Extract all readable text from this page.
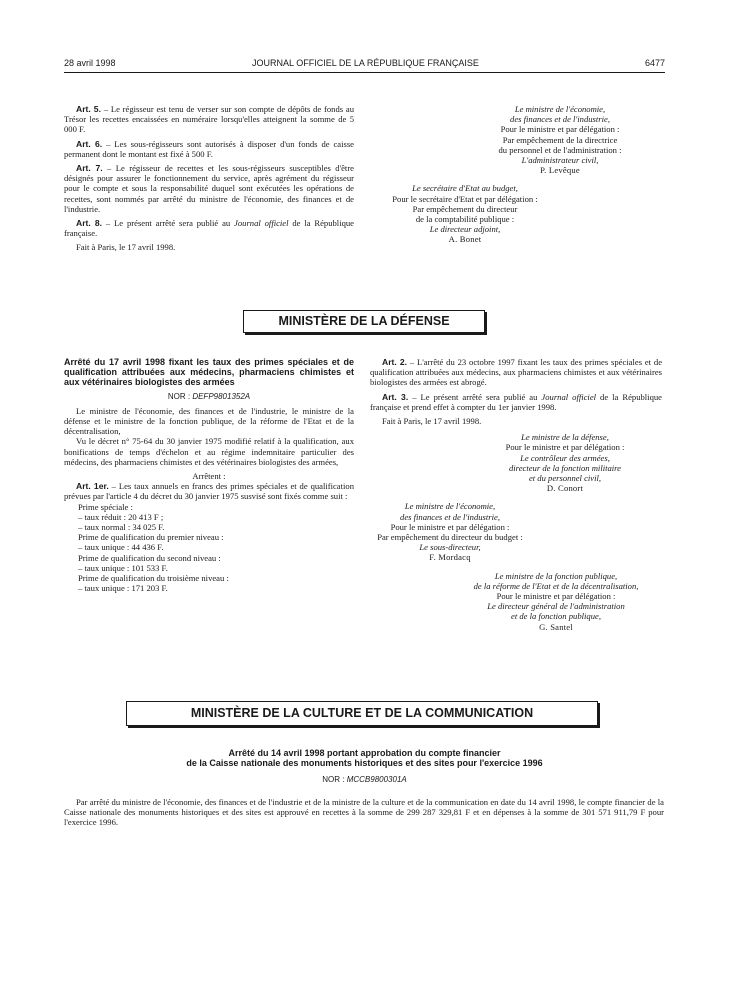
28 avril 1998	JOURNAL OFFICIEL DE LA RÉPUBLIQUE FRANÇAISE	6477

Art. 5. – Le régisseur est tenu de verser sur son compte de dépôts de fonds au Trésor les recettes encaissées en numéraire lorsqu'elles atteignent la somme de 5 000 F.

Art. 6. – Les sous-régisseurs sont autorisés à disposer d'un fonds de caisse permanent dont le montant est fixé à 500 F.

Art. 7. – Le régisseur de recettes et les sous-régisseurs susceptibles d'être désignés pour assurer le fonctionnement du service, après agrément du régisseur pour le compte et sous la responsabilité duquel sont exécutées les opérations de recettes, sont nommés par arrêté du ministre de l'économie, des finances et de l'industrie.

Art. 8. – Le présent arrêté sera publié au Journal officiel de la République française.

Fait à Paris, le 17 avril 1998.

Le ministre de l'économie,

des finances et de l'industrie,

Pour le ministre et par délégation :

Par empêchement de la directrice

du personnel et de l'administration :

L'administrateur civil,

P. Levêque

Le secrétaire d'Etat au budget,

Pour le secrétaire d'Etat et par délégation :

Par empêchement du directeur

de la comptabilité publique :

Le directeur adjoint,

A. Bonet

MINISTÈRE DE LA DÉFENSE

Arrêté du 17 avril 1998 fixant les taux des primes spéciales et de qualification attribuées aux médecins, pharmaciens chimistes et aux vétérinaires biologistes des armées

NOR : DEFP9801352A

Le ministre de l'économie, des finances et de l'industrie, le ministre de la défense et le ministre de la fonction publique, de la réforme de l'Etat et de la décentralisation,

Vu le décret n° 75-64 du 30 janvier 1975 modifié relatif à la qualification, aux bonifications de temps d'échelon et au régime indemnitaire particulier des médecins, des pharmaciens chimistes et des vétérinaires biologistes des armées,

Arrêtent :

Art. 1er. – Les taux annuels en francs des primes spéciales et de qualification prévues par l'article 4 du décret du 30 janvier 1975 susvisé sont fixés comme suit :

Prime spéciale :

– taux réduit : 20 413 F ;

– taux normal : 34 025 F.

Prime de qualification du premier niveau :

– taux unique : 44 436 F.

Prime de qualification du second niveau :

– taux unique : 101 533 F.

Prime de qualification du troisième niveau :

– taux unique : 171 203 F.

Art. 2. – L'arrêté du 23 octobre 1997 fixant les taux des primes spéciales et de qualification attribuées aux médecins, aux pharmaciens chimistes et aux vétérinaires biologistes des armées est abrogé.

Art. 3. – Le présent arrêté sera publié au Journal officiel de la République française et prend effet à compter du 1er janvier 1998.

Fait à Paris, le 17 avril 1998.

Le ministre de la défense,

Pour le ministre et par délégation :

Le contrôleur des armées,

directeur de la fonction militaire

et du personnel civil,

D. Conort

Le ministre de l'économie,

des finances et de l'industrie,

Pour le ministre et par délégation :

Par empêchement du directeur du budget :

Le sous-directeur,

F. Mordacq

Le ministre de la fonction publique,

de la réforme de l'Etat et de la décentralisation,

Pour le ministre et par délégation :

Le directeur général de l'administration

et de la fonction publique,

G. Santel

MINISTÈRE DE LA CULTURE ET DE LA COMMUNICATION
Arrêté du 14 avril 1998 portant approbation du compte financier
de la Caisse nationale des monuments historiques et des sites pour l'exercice 1996
NOR : MCCB9800301A

Par arrêté du ministre de l'économie, des finances et de l'industrie et de la ministre de la culture et de la communication en date du 14 avril 1998, le compte financier de la Caisse nationale des monuments historiques et des sites est approuvé en recettes à la somme de 299 287 329,81 F et en dépenses à la somme de 301 571 911,79 F pour l'exercice 1996.
